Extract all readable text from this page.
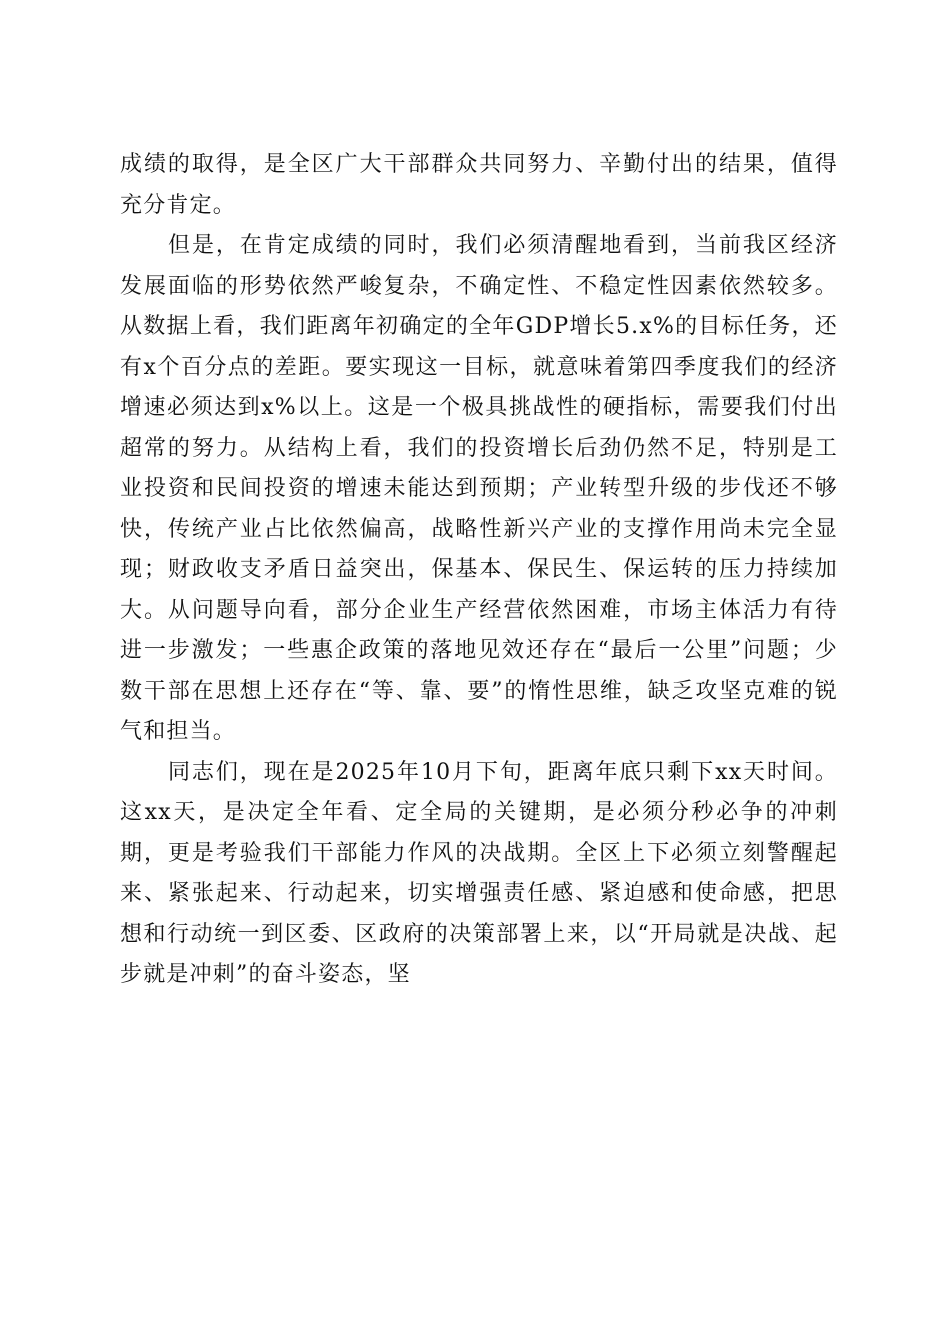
成绩的取得，是全区广大干部群众共同努力、辛勤付出的结果，值得充分肯定。

但是，在肯定成绩的同时，我们必须清醒地看到，当前我区经济发展面临的形势依然严峻复杂，不确定性、不稳定性因素依然较多。从数据上看，我们距离年初确定的全年GDP增长5.x%的目标任务，还有x个百分点的差距。要实现这一目标，就意味着第四季度我们的经济增速必须达到x%以上。这是一个极具挑战性的硬指标，需要我们付出超常的努力。从结构上看，我们的投资增长后劲仍然不足，特别是工业投资和民间投资的增速未能达到预期；产业转型升级的步伐还不够快，传统产业占比依然偏高，战略性新兴产业的支撑作用尚未完全显现；财政收支矛盾日益突出，保基本、保民生、保运转的压力持续加大。从问题导向看，部分企业生产经营依然困难，市场主体活力有待进一步激发；一些惠企政策的落地见效还存在“最后一公里”问题；少数干部在思想上还存在“等、靠、要”的惰性思维，缺乏攻坚克难的锐气和担当。

同志们，现在是2025年10月下旬，距离年底只剩下xx天时间。这xx天，是决定全年看、定全局的关键期，是必须分秒必争的冲刺期，更是考验我们干部能力作风的决战期。全区上下必须立刻警醒起来、紧张起来、行动起来，切实增强责任感、紧迫感和使命感，把思想和行动统一到区委、区政府的决策部署上来，以“开局就是决战、起步就是冲刺”的奋斗姿态，坚
